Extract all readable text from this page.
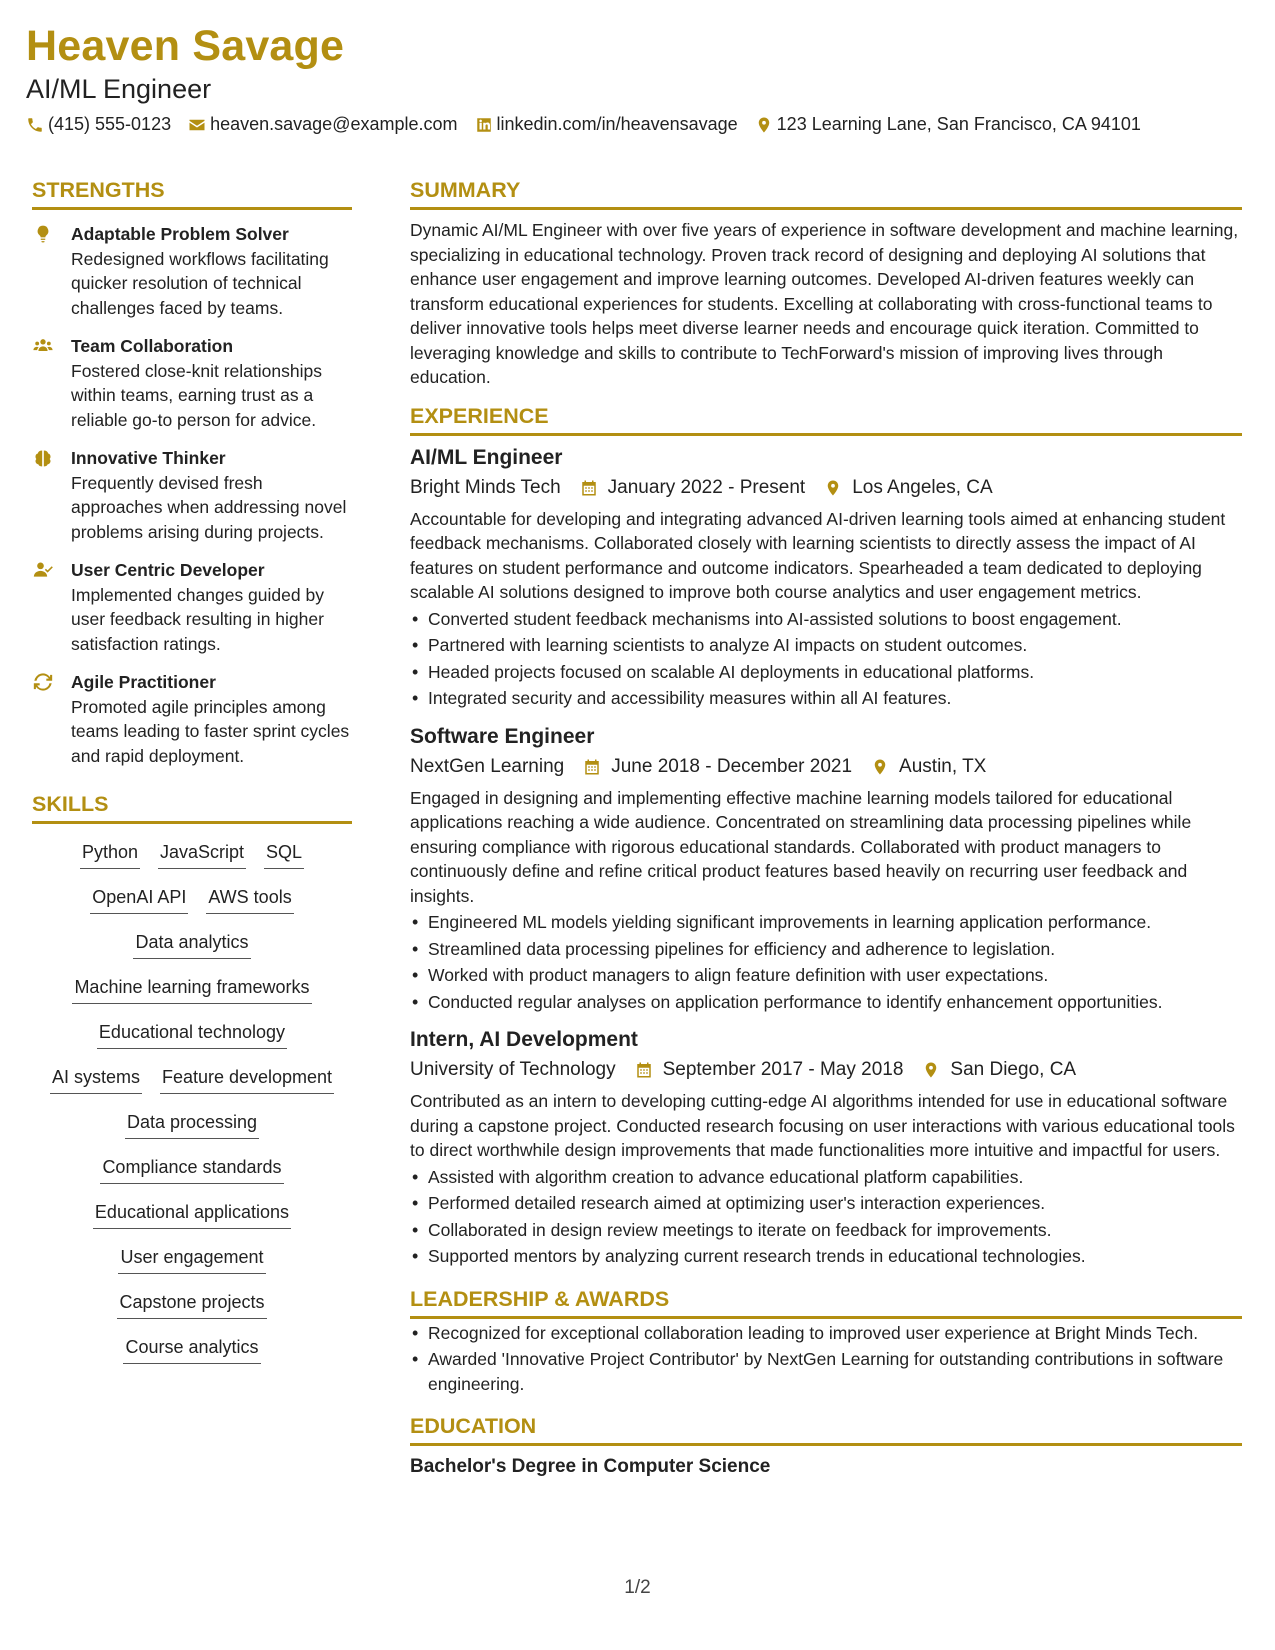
Heaven Savage
AI/ML Engineer
(415) 555-0123 heaven.savage@example.com linkedin.com/in/heavensavage 123 Learning Lane, San Francisco, CA 94101
STRENGTHS
Adaptable Problem Solver
Redesigned workflows facilitating quicker resolution of technical challenges faced by teams.
Team Collaboration
Fostered close-knit relationships within teams, earning trust as a reliable go-to person for advice.
Innovative Thinker
Frequently devised fresh approaches when addressing novel problems arising during projects.
User Centric Developer
Implemented changes guided by user feedback resulting in higher satisfaction ratings.
Agile Practitioner
Promoted agile principles among teams leading to faster sprint cycles and rapid deployment.
SKILLS
Python JavaScript SQL
OpenAI API AWS tools
Data analytics
Machine learning frameworks
Educational technology
AI systems Feature development
Data processing
Compliance standards
Educational applications
User engagement
Capstone projects
Course analytics
SUMMARY
Dynamic AI/ML Engineer with over five years of experience in software development and machine learning, specializing in educational technology. Proven track record of designing and deploying AI solutions that enhance user engagement and improve learning outcomes. Developed AI-driven features weekly can transform educational experiences for students. Excelling at collaborating with cross-functional teams to deliver innovative tools helps meet diverse learner needs and encourage quick iteration. Committed to leveraging knowledge and skills to contribute to TechForward's mission of improving lives through education.
EXPERIENCE
AI/ML Engineer
Bright Minds Tech January 2022 - Present Los Angeles, CA
Accountable for developing and integrating advanced AI-driven learning tools aimed at enhancing student feedback mechanisms. Collaborated closely with learning scientists to directly assess the impact of AI features on student performance and outcome indicators. Spearheaded a team dedicated to deploying scalable AI solutions designed to improve both course analytics and user engagement metrics.
• Converted student feedback mechanisms into AI-assisted solutions to boost engagement.
• Partnered with learning scientists to analyze AI impacts on student outcomes.
• Headed projects focused on scalable AI deployments in educational platforms.
• Integrated security and accessibility measures within all AI features.
Software Engineer
NextGen Learning June 2018 - December 2021 Austin, TX
Engaged in designing and implementing effective machine learning models tailored for educational applications reaching a wide audience. Concentrated on streamlining data processing pipelines while ensuring compliance with rigorous educational standards. Collaborated with product managers to continuously define and refine critical product features based heavily on recurring user feedback and insights.
• Engineered ML models yielding significant improvements in learning application performance.
• Streamlined data processing pipelines for efficiency and adherence to legislation.
• Worked with product managers to align feature definition with user expectations.
• Conducted regular analyses on application performance to identify enhancement opportunities.
Intern, AI Development
University of Technology September 2017 - May 2018 San Diego, CA
Contributed as an intern to developing cutting-edge AI algorithms intended for use in educational software during a capstone project. Conducted research focusing on user interactions with various educational tools to direct worthwhile design improvements that made functionalities more intuitive and impactful for users.
• Assisted with algorithm creation to advance educational platform capabilities.
• Performed detailed research aimed at optimizing user's interaction experiences.
• Collaborated in design review meetings to iterate on feedback for improvements.
• Supported mentors by analyzing current research trends in educational technologies.
LEADERSHIP & AWARDS
• Recognized for exceptional collaboration leading to improved user experience at Bright Minds Tech.
• Awarded 'Innovative Project Contributor' by NextGen Learning for outstanding contributions in software engineering.
EDUCATION
Bachelor's Degree in Computer Science
1/2
